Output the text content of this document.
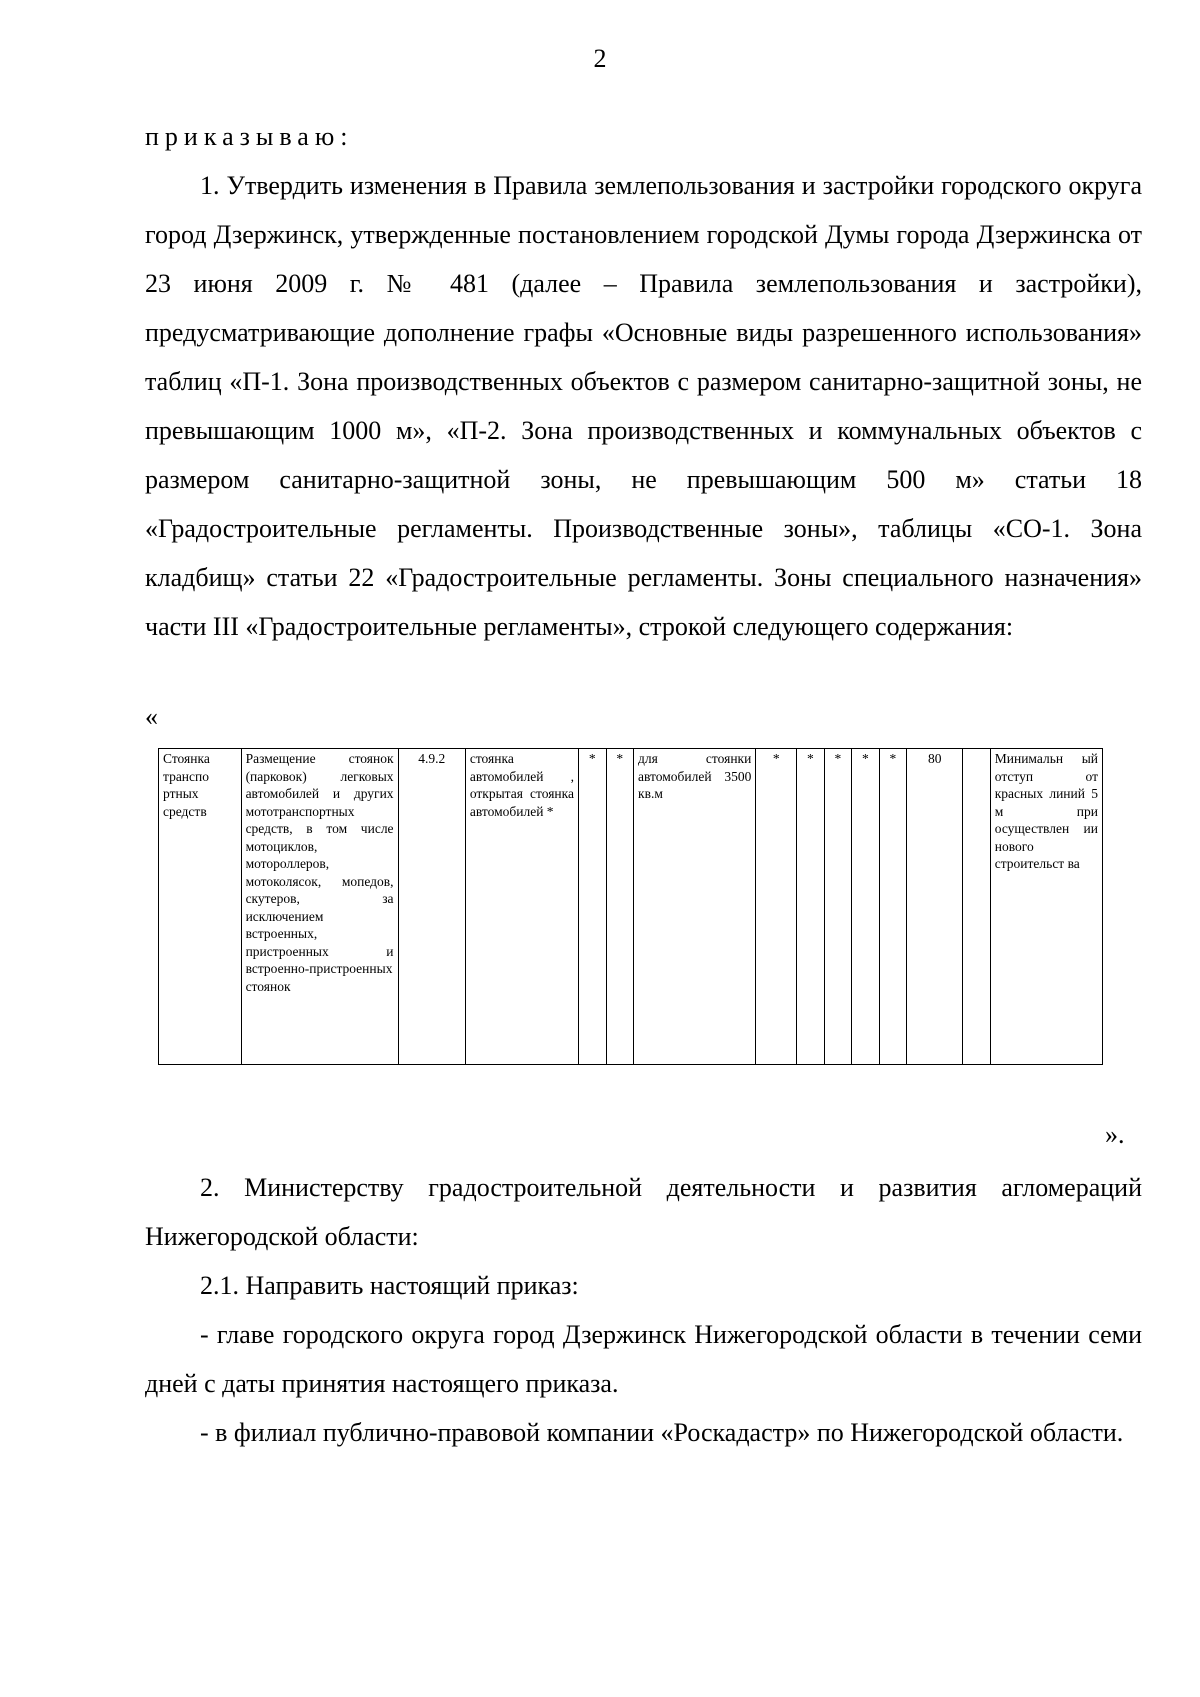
2

приказываю:

1. Утвердить изменения в Правила землепользования и застройки городского округа город Дзержинск, утвержденные постановлением городской Думы города Дзержинска от 23 июня 2009 г. № 481 (далее – Правила землепользования и застройки), предусматривающие дополнение графы «Основные виды разрешенного использования» таблиц «П-1. Зона производственных объектов с размером санитарно-защитной зоны, не превышающим 1000 м», «П-2. Зона производственных и коммунальных объектов с размером санитарно-защитной зоны, не превышающим 500 м» статьи 18 «Градостроительные регламенты. Производственные зоны», таблицы «СО-1. Зона кладбищ» статьи 22 «Градостроительные регламенты. Зоны специального назначения» части III «Градостроительные регламенты», строкой следующего содержания:

«
Стоянка транспо ртных средств	Размещение стоянок (парковок) легковых автомобилей и других мототранспортных средств, в том числе мотоциклов, мотороллеров, мотоколясок, мопедов, скутеров, за исключением встроенных, пристроенных и встроенно-пристроенных стоянок	4.9.2	стоянка автомобилей , открытая стоянка автомобилей *	*	*	для стоянки автомобилей 3500 кв.м	*	*	*	*	*	80		Минимальн ый отступ от красных линий 5 м при осуществлен ии нового строительст ва
».

2. Министерству градостроительной деятельности и развития агломераций Нижегородской области:

2.1. Направить настоящий приказ:

- главе городского округа город Дзержинск Нижегородской области в течении семи дней с даты принятия настоящего приказа.

- в филиал публично-правовой компании «Роскадастр» по Нижегородской области.
